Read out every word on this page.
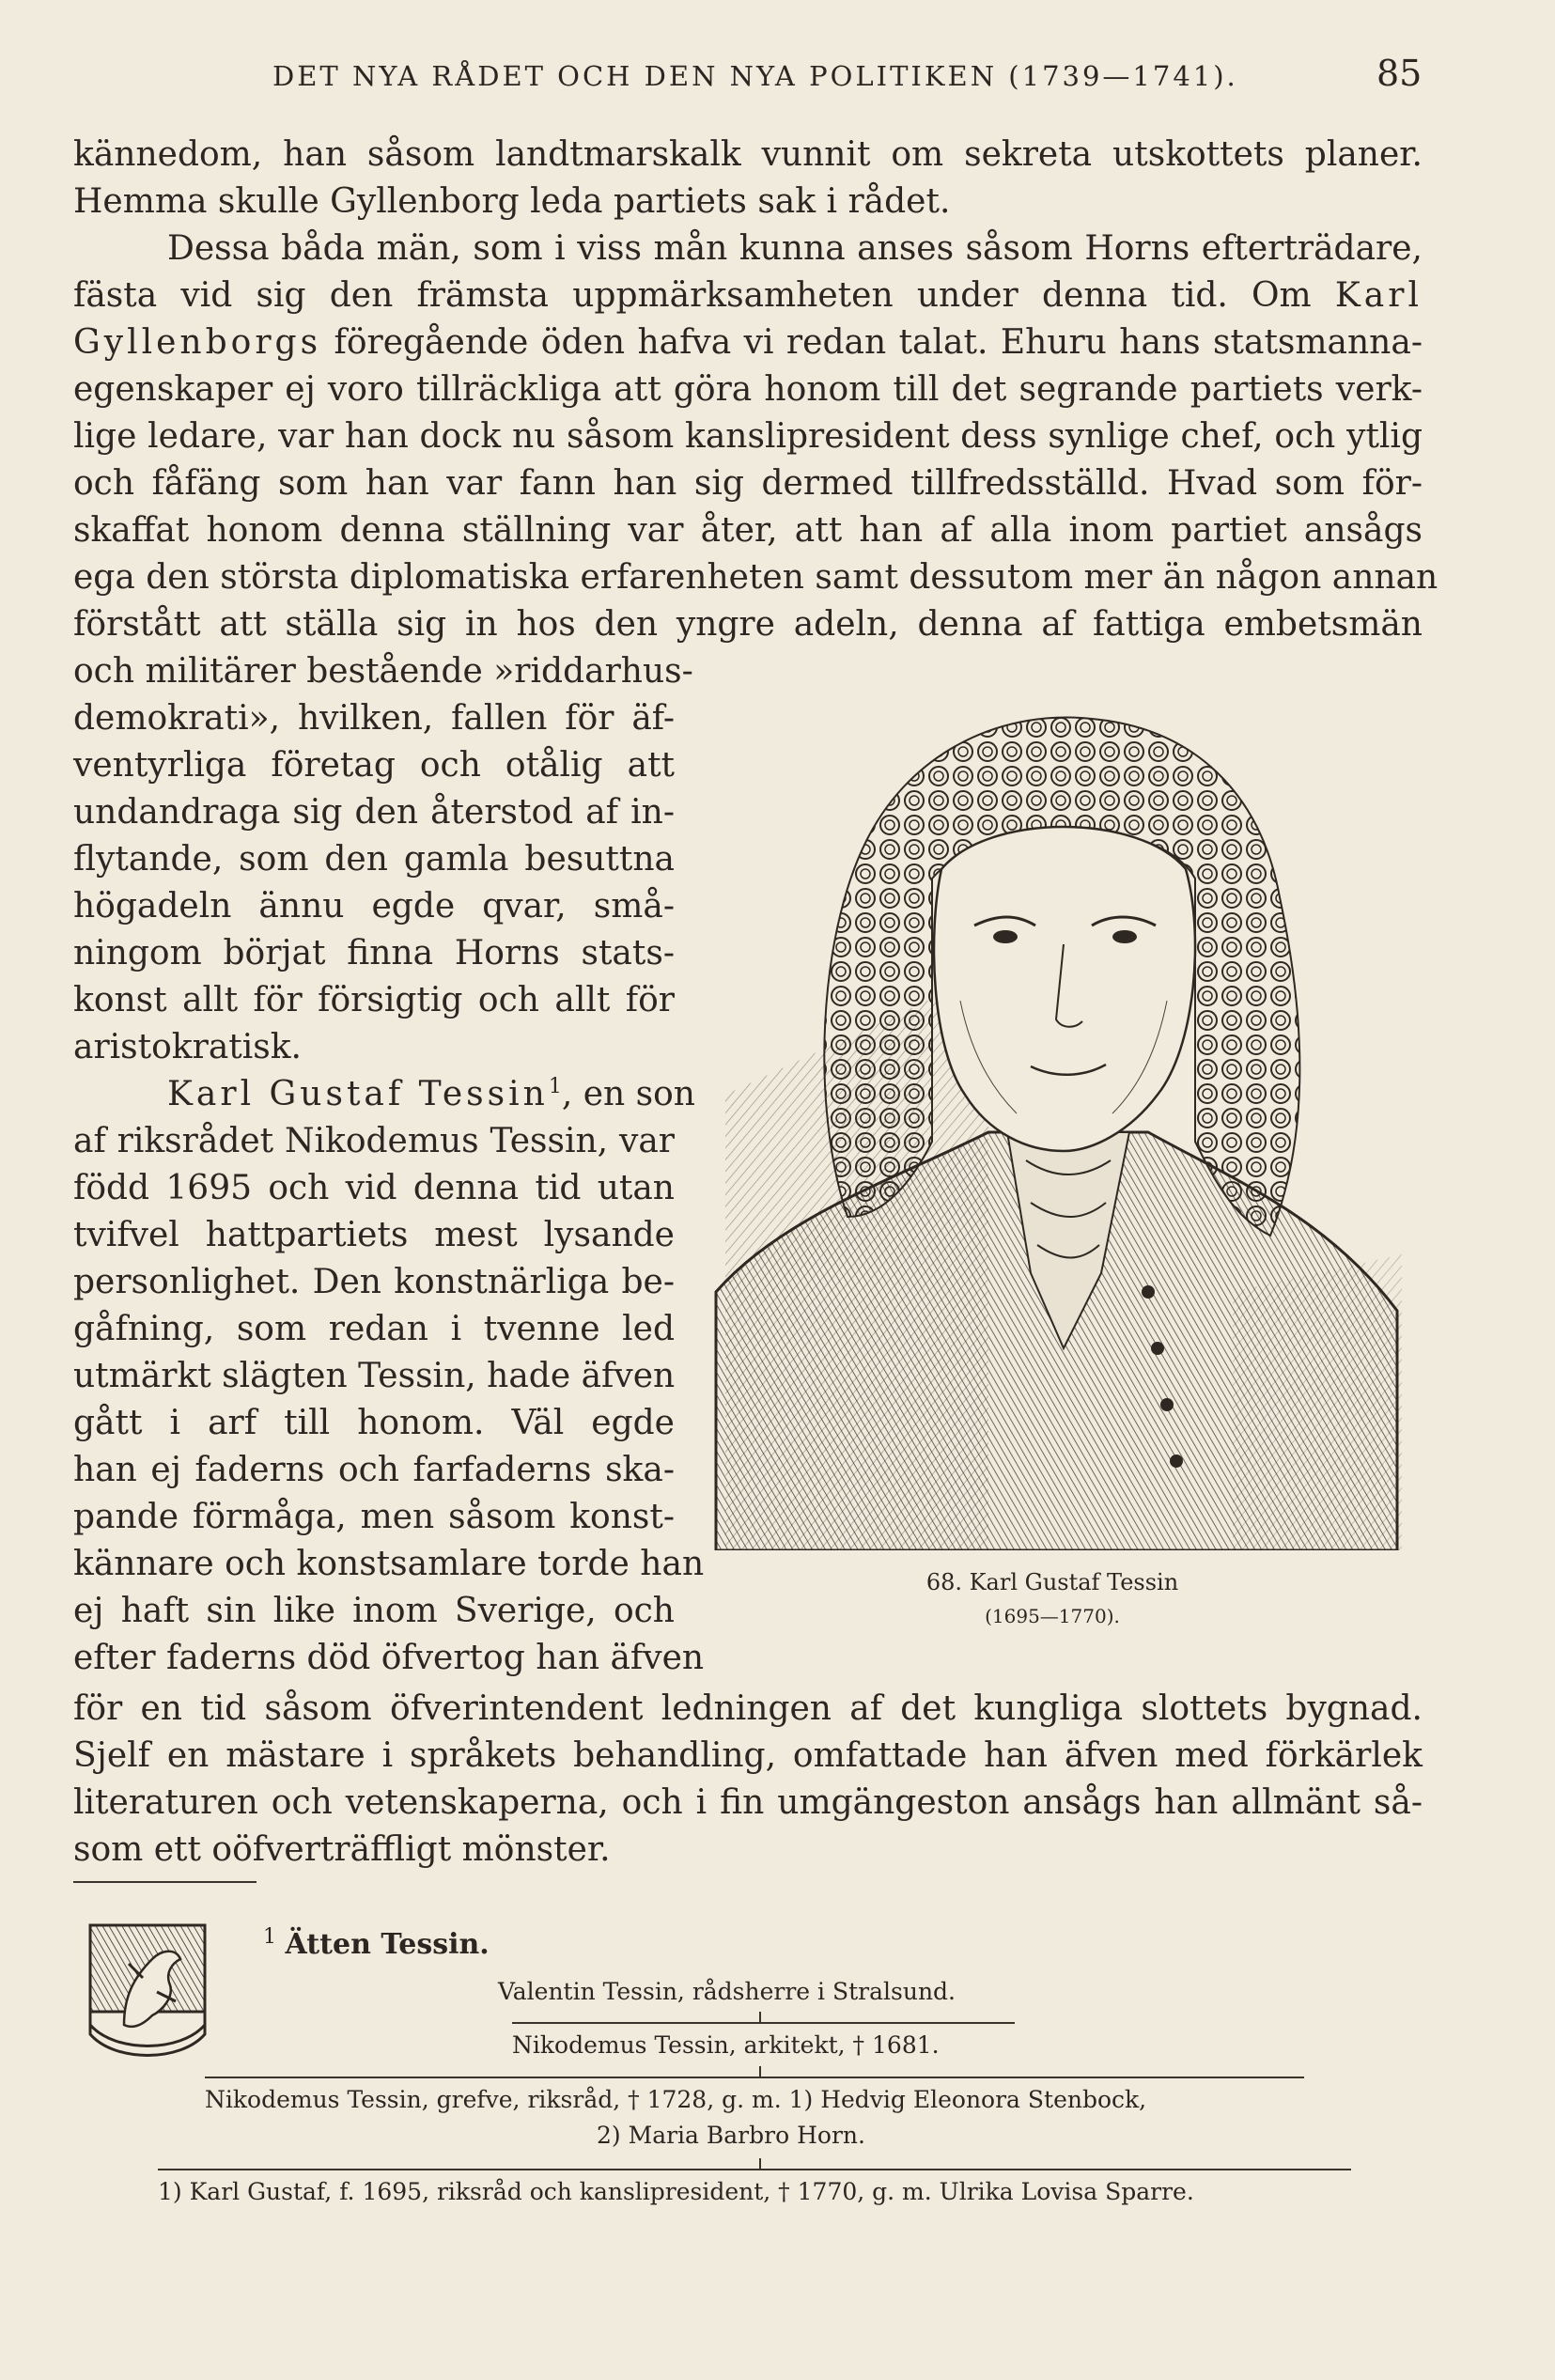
DET NYA RÅDET OCH DEN NYA POLITIKEN (1739—1741).	85
kännedom, han såsom landtmarskalk vunnit om sekreta utskottets planer.
Hemma skulle Gyllenborg leda partiets sak i rådet.
Dessa båda män, som i viss mån kunna anses såsom Horns efterträdare,
fästa vid sig den främsta uppmärksamheten under denna tid. Om Karl
Gyllenborgs föregående öden hafva vi redan talat. Ehuru hans statsmanna-
egenskaper ej voro tillräckliga att göra honom till det segrande partiets verk-
lige ledare, var han dock nu såsom kanslipresident dess synlige chef, och ytlig
och fåfäng som han var fann han sig dermed tillfredsställd. Hvad som för-
skaffat honom denna ställning var åter, att han af alla inom partiet ansågs
ega den största diplomatiska erfarenheten samt dessutom mer än någon annan
förstått att ställa sig in hos den yngre adeln, denna af fattiga embetsmän
och militärer bestående »riddarhus-
demokrati», hvilken, fallen för äf-
ventyrliga företag och otålig att
undandraga sig den återstod af in-
flytande, som den gamla besuttna
högadeln ännu egde qvar, små-
ningom börjat finna Horns stats-
konst allt för försigtig och allt för
aristokratisk.
Karl Gustaf Tessin$^1$, en son
af riksrådet Nikodemus Tessin, var
född 1695 och vid denna tid utan
tvifvel hattpartiets mest lysande
personlighet. Den konstnärliga be-
gåfning, som redan i tvenne led
utmärkt slägten Tessin, hade äfven
gått i arf till honom. Väl egde
han ej faderns och farfaderns ska-
pande förmåga, men såsom konst-
kännare och konstsamlare torde han
ej haft sin like inom Sverige, och
efter faderns död öfvertog han äfven
68. Karl Gustaf Tessin
(1695—1770).
för en tid såsom öfverintendent ledningen af det kungliga slottets bygnad.
Sjelf en mästare i språkets behandling, omfattade han äfven med förkärlek
literaturen och vetenskaperna, och i fin umgängeston ansågs han allmänt så-
som ett oöfverträffligt mönster.
$^1$ Ätten Tessin.
Valentin Tessin, rådsherre i Stralsund.
Nikodemus Tessin, arkitekt, † 1681.
Nikodemus Tessin, grefve, riksråd, † 1728, g. m. 1) Hedvig Eleonora Stenbock,
2) Maria Barbro Horn.
1) Karl Gustaf, f. 1695, riksråd och kanslipresident, † 1770, g. m. Ulrika Lovisa Sparre.
